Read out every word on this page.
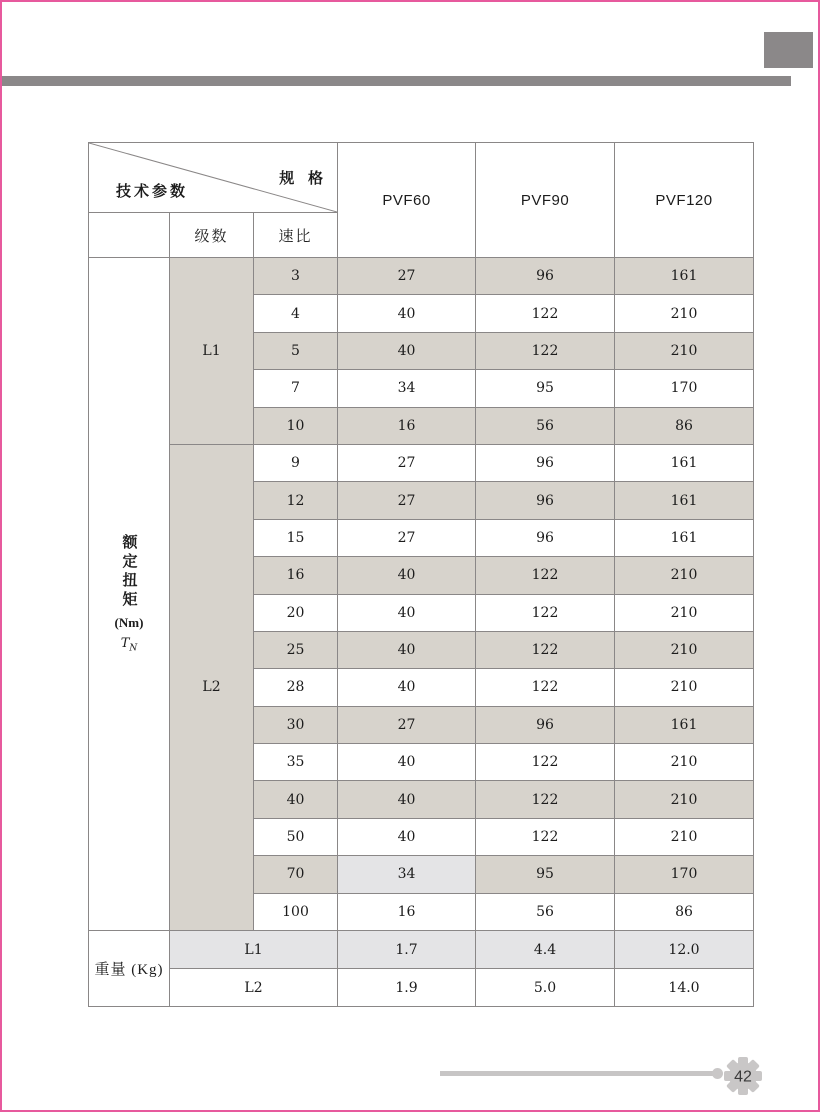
规 格
技术参数			PVF60	PVF90	PVF120
	级数	速比			

额定扭矩
(Nm)
$T_N$	L1	3	27	96	161
		4	40	122	210
		5	40	122	210
		7	34	95	170
		10	16	56	86
	L2	9	27	96	161
		12	27	96	161
		15	27	96	161
		16	40	122	210
		20	40	122	210
		25	40	122	210
		28	40	122	210
		30	27	96	161
		35	40	122	210
		40	40	122	210
		50	40	122	210
		70	34	95	170
		100	16	56	86
重量 (Kg)	L1		1.7	4.4	12.0
	L2		1.9	5.0	14.0
42
